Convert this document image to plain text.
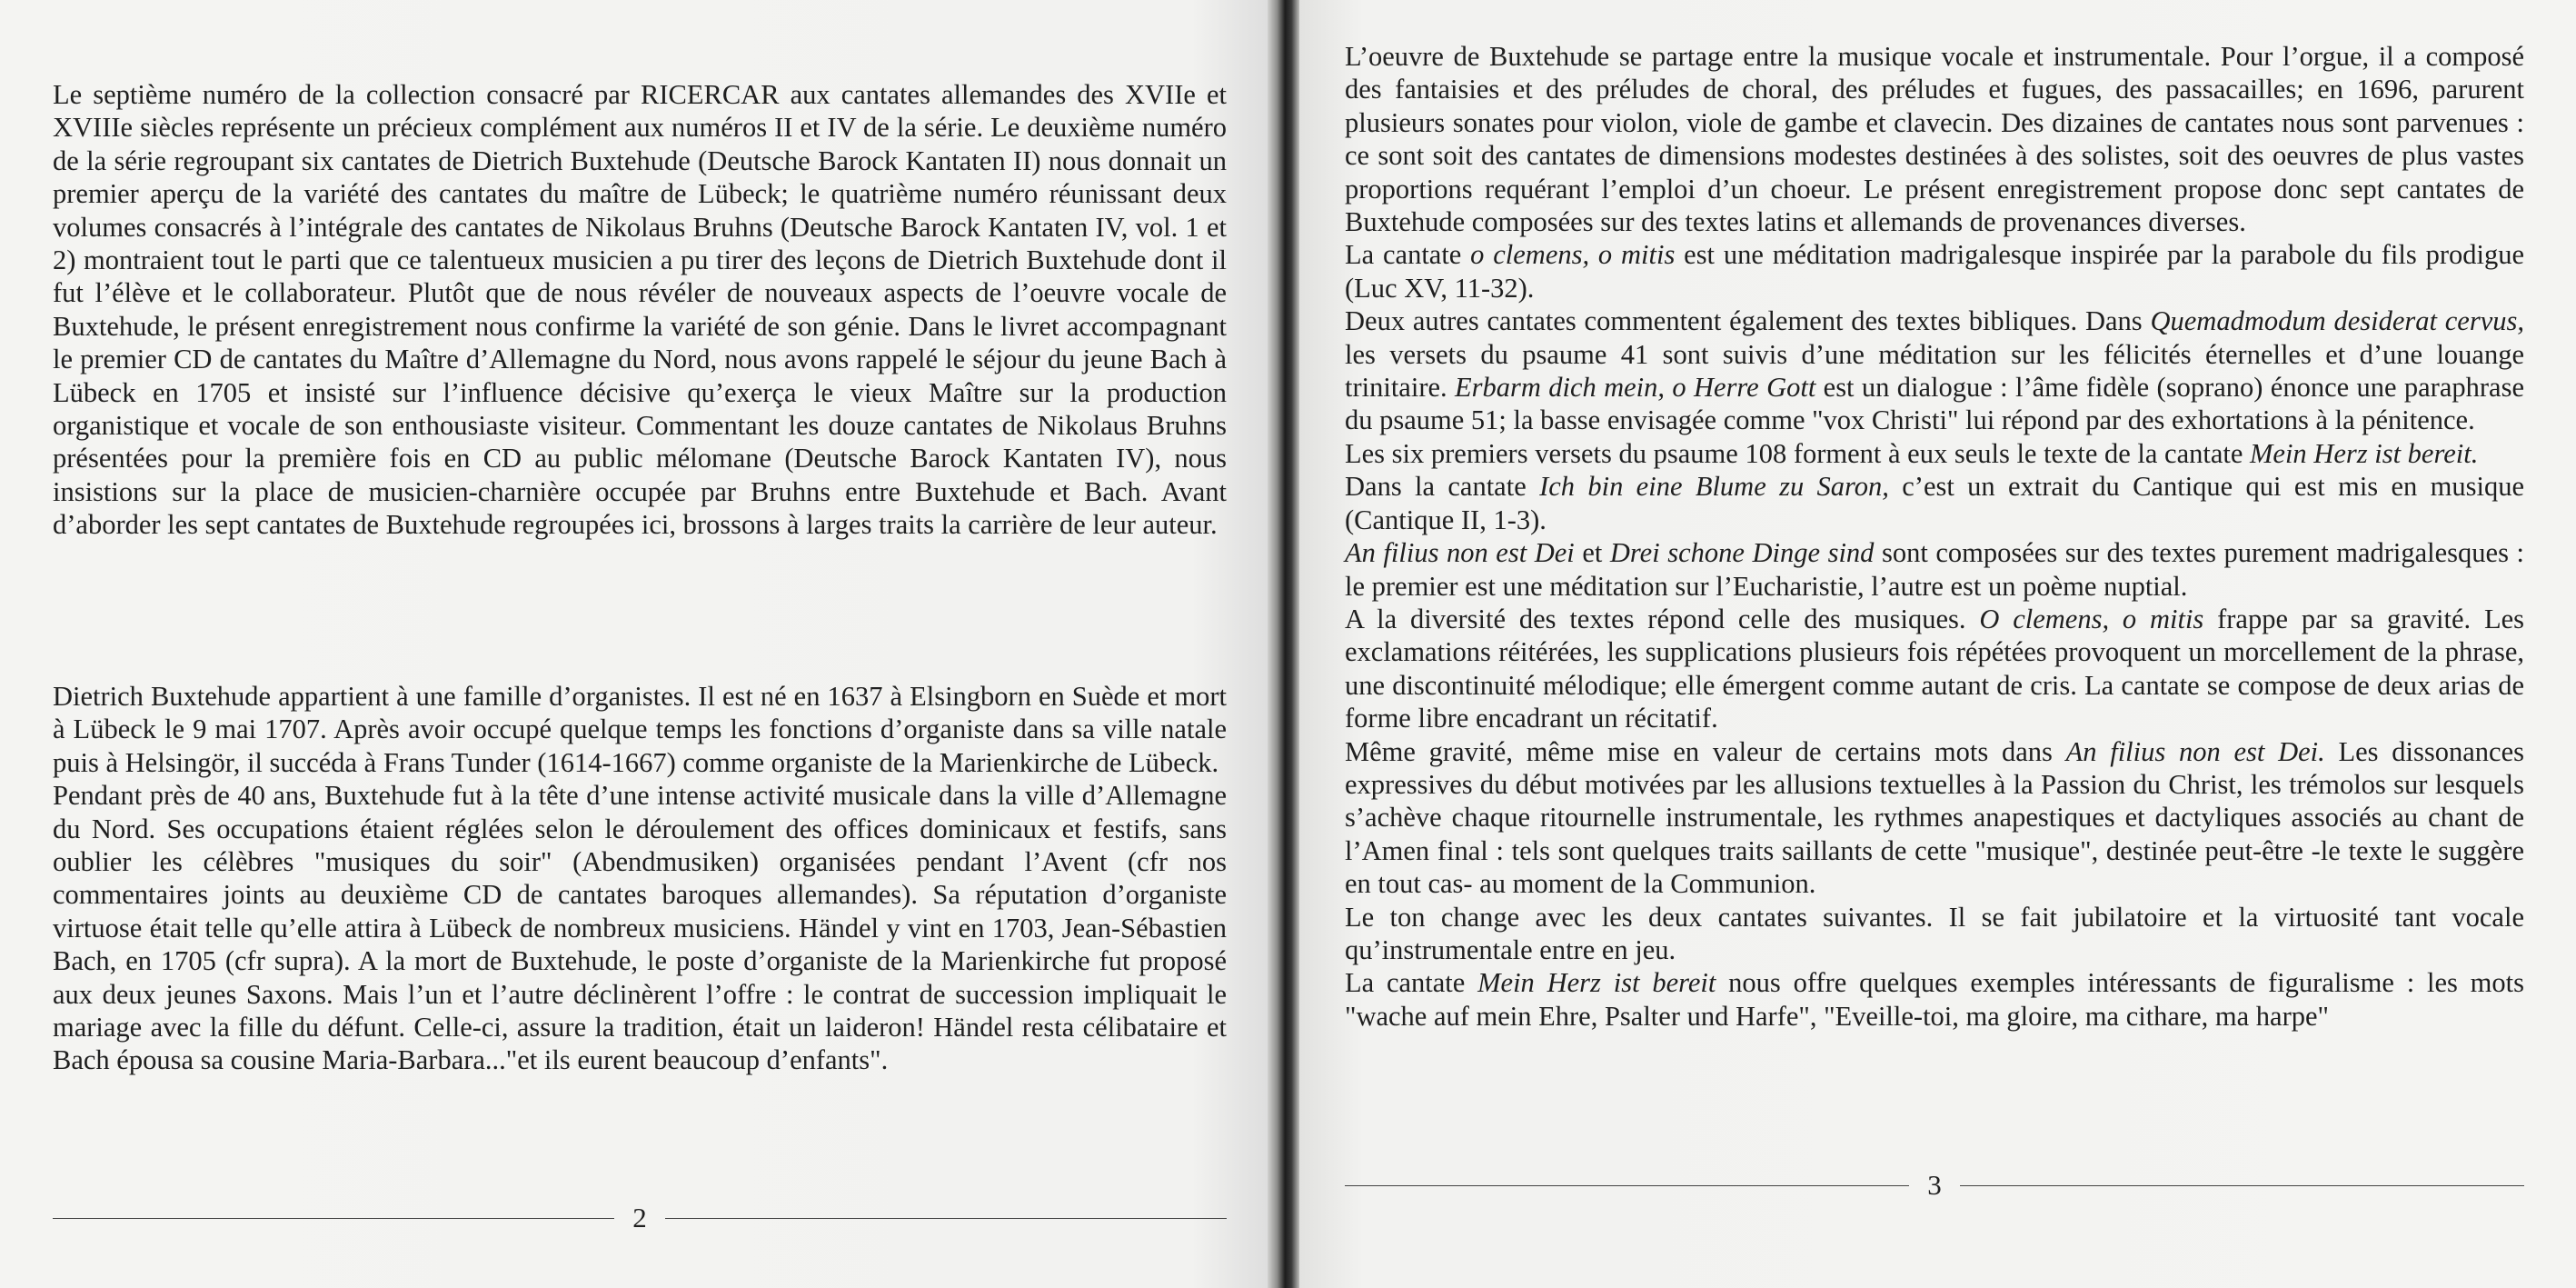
Le septième numéro de la collection consacré par RICERCAR aux cantates allemandes des XVIIe et XVIIIe siècles représente un précieux complément aux numéros II et IV de la série. Le deuxième numéro de la série regroupant six cantates de Dietrich Buxtehude (Deutsche Barock Kantaten II) nous donnait un premier aperçu de la variété des cantates du maître de Lübeck; le quatrième numéro réunissant deux volumes consacrés à l’intégrale des cantates de Nikolaus Bruhns (Deutsche Barock Kantaten IV, vol. 1 et 2) montraient tout le parti que ce talentueux musicien a pu tirer des leçons de Dietrich Buxtehude dont il fut l’élève et le collaborateur. Plutôt que de nous révéler de nouveaux aspects de l’oeuvre vocale de Buxtehude, le présent enregistrement nous confirme la variété de son génie. Dans le livret accompagnant le premier CD de cantates du Maître d’Allemagne du Nord, nous avons rappelé le séjour du jeune Bach à Lübeck en 1705 et insisté sur l’influence décisive qu’exerça le vieux Maître sur la production organistique et vocale de son enthousiaste visiteur. Commentant les douze cantates de Nikolaus Bruhns présentées pour la première fois en CD au public mélomane (Deutsche Barock Kantaten IV), nous insistions sur la place de musicien-charnière occupée par Bruhns entre Buxtehude et Bach. Avant d’aborder les sept cantates de Buxtehude regroupées ici, brossons à larges traits la carrière de leur auteur.

Dietrich Buxtehude appartient à une famille d’organistes. Il est né en 1637 à Elsingborn en Suède et mort à Lübeck le 9 mai 1707. Après avoir occupé quelque temps les fonctions d’organiste dans sa ville natale puis à Helsingör, il succéda à Frans Tunder (1614-1667) comme organiste de la Marienkirche de Lübeck.

Pendant près de 40 ans, Buxtehude fut à la tête d’une intense activité musicale dans la ville d’Allemagne du Nord. Ses occupations étaient réglées selon le déroulement des offices dominicaux et festifs, sans oublier les célèbres "musiques du soir" (Abendmusiken) organisées pendant l’Avent (cfr nos commentaires joints au deuxième CD de cantates baroques allemandes). Sa réputation d’organiste virtuose était telle qu’elle attira à Lübeck de nombreux musiciens. Händel y vint en 1703, Jean-Sébastien Bach, en 1705 (cfr supra). A la mort de Buxtehude, le poste d’organiste de la Marienkirche fut proposé aux deux jeunes Saxons. Mais l’un et l’autre déclinèrent l’offre : le contrat de succession impliquait le mariage avec la fille du défunt. Celle-ci, assure la tradition, était un laideron! Händel resta célibataire et Bach épousa sa cousine Maria-Barbara..."et ils eurent beaucoup d’enfants".

2

L’oeuvre de Buxtehude se partage entre la musique vocale et instrumentale. Pour l’orgue, il a composé des fantaisies et des préludes de choral, des préludes et fugues, des passacailles; en 1696, parurent plusieurs sonates pour violon, viole de gambe et clavecin. Des dizaines de cantates nous sont parvenues : ce sont soit des cantates de dimensions modestes destinées à des solistes, soit des oeuvres de plus vastes proportions requérant l’emploi d’un choeur. Le présent enregistrement propose donc sept cantates de Buxtehude composées sur des textes latins et allemands de provenances diverses.

La cantate o clemens, o mitis est une méditation madrigalesque inspirée par la parabole du fils prodigue (Luc XV, 11-32).

Deux autres cantates commentent également des textes bibliques. Dans Quemadmodum desiderat cervus, les versets du psaume 41 sont suivis d’une méditation sur les félicités éternelles et d’une louange trinitaire. Erbarm dich mein, o Herre Gott est un dialogue : l’âme fidèle (soprano) énonce une paraphrase du psaume 51; la basse envisagée comme "vox Christi" lui répond par des exhortations à la pénitence.

Les six premiers versets du psaume 108 forment à eux seuls le texte de la cantate Mein Herz ist bereit.

Dans la cantate Ich bin eine Blume zu Saron, c’est un extrait du Cantique qui est mis en musique (Cantique II, 1-3).

An filius non est Dei et Drei schone Dinge sind sont composées sur des textes purement madrigalesques : le premier est une méditation sur l’Eucharistie, l’autre est un poème nuptial.

A la diversité des textes répond celle des musiques. O clemens, o mitis frappe par sa gravité. Les exclamations réitérées, les supplications plusieurs fois répétées provoquent un morcellement de la phrase, une discontinuité mélodique; elle émergent comme autant de cris. La cantate se compose de deux arias de forme libre encadrant un récitatif.

Même gravité, même mise en valeur de certains mots dans An filius non est Dei. Les dissonances expressives du début motivées par les allusions textuelles à la Passion du Christ, les trémolos sur lesquels s’achève chaque ritournelle instrumentale, les rythmes anapestiques et dactyliques associés au chant de l’Amen final : tels sont quelques traits saillants de cette "musique", destinée peut-être -le texte le suggère en tout cas- au moment de la Communion.

Le ton change avec les deux cantates suivantes. Il se fait jubilatoire et la virtuosité tant vocale qu’instrumentale entre en jeu.

La cantate Mein Herz ist bereit nous offre quelques exemples intéressants de figuralisme : les mots "wache auf mein Ehre, Psalter und Harfe", "Eveille-toi, ma gloire, ma cithare, ma harpe"

3
